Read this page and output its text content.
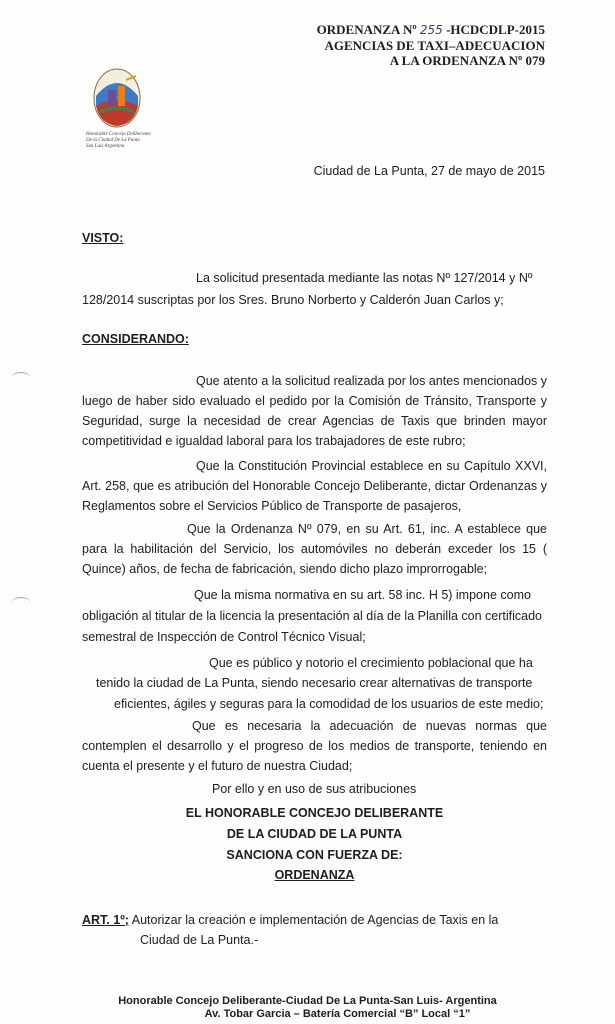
ORDENANZA Nº 255 -HCDCDLP-2015
AGENCIAS DE TAXI–ADECUACION
A LA ORDENANZA Nº 079
Honorable Concejo Deliberante
De la Ciudad De La Punta
San Luis Argentina
Ciudad de La Punta, 27 de mayo de 2015
VISTO:
La solicitud presentada mediante las notas Nº 127/2014 y Nº
128/2014 suscriptas por los Sres. Bruno Norberto y Calderón Juan Carlos y;
CONSIDERANDO:
Que atento a la solicitud realizada por los antes mencionados y luego de haber sido evaluado el pedido por la Comisión de Tránsito, Transporte y Seguridad, surge la necesidad de crear Agencias de Taxis que brinden mayor competitividad e igualdad laboral para los trabajadores de este rubro;
Que la Constitución Provincial establece en su Capítulo XXVI, Art. 258, que es atribución del Honorable Concejo Deliberante, dictar Ordenanzas y Reglamentos sobre el Servicios Público de Transporte de pasajeros,
Que la Ordenanza Nº 079, en su Art. 61, inc. A establece que para la habilitación del Servicio, los automóviles no deberán exceder los 15 ( Quince) años, de fecha de fabricación, siendo dicho plazo improrrogable;
Que la misma normativa en su art. 58 inc. H 5) impone como
obligación al titular de la licencia la presentación al día de la Planilla con certificado
semestral de Inspección de Control Técnico Visual;
Que es público y notorio el crecimiento poblacional que ha
tenido la ciudad de La Punta, siendo necesario crear alternativas de transporte
eficientes, ágiles y seguras para la comodidad de los usuarios de este medio;
Que es necesaria la adecuación de nuevas normas que contemplen el desarrollo y el progreso de los medios de transporte, teniendo en cuenta el presente y el futuro de nuestra Ciudad;
Por ello y en uso de sus atribuciones
EL HONORABLE CONCEJO DELIBERANTE
DE LA CIUDAD DE LA PUNTA
SANCIONA CON FUERZA DE:
ORDENANZA
ART. 1º; Autorizar la creación e implementación de Agencias de Taxis en la
Ciudad de La Punta.-
Honorable Concejo Deliberante-Ciudad De La Punta-San Luis- Argentina
Av. Tobar Garcia – Batería Comercial “B” Local “1”
